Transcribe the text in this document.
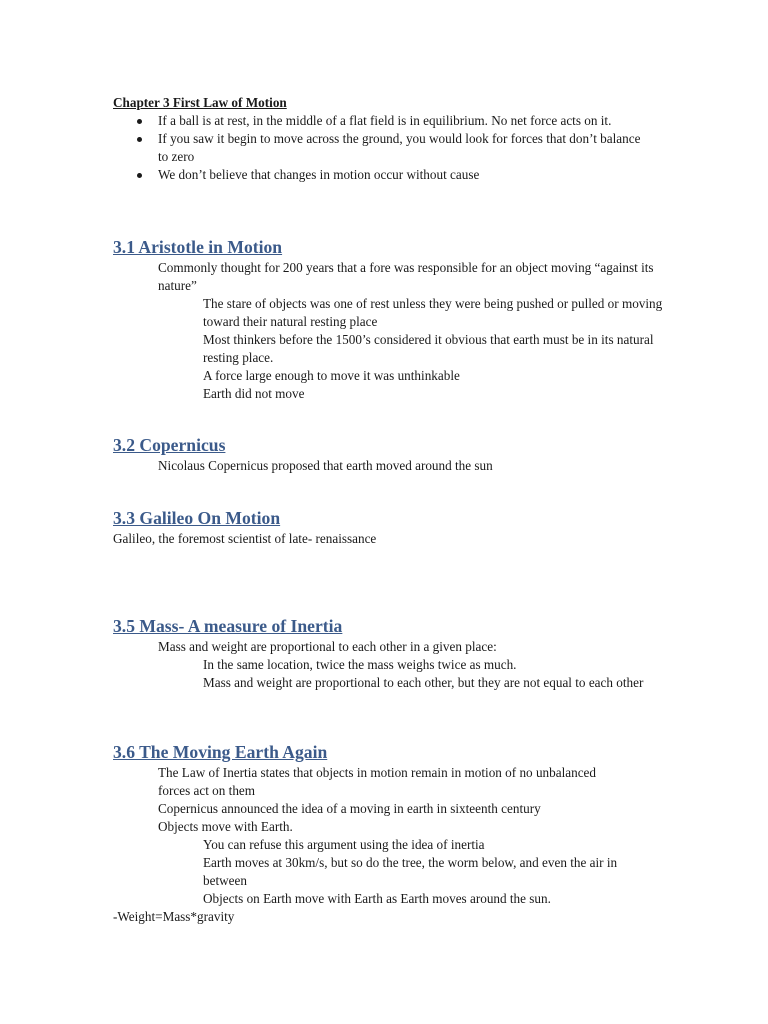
Chapter 3 First Law of Motion
If a ball is at rest, in the middle of a flat field is in equilibrium. No net force acts on it.
If you saw it begin to move across the ground, you would look for forces that don’t balance to zero
We don’t believe that changes in motion occur without cause
3.1 Aristotle in Motion

Commonly thought for 200 years that a fore was responsible for an object moving “against its nature”

The stare of objects was one of rest unless they were being pushed or pulled or moving toward their natural resting place

Most thinkers before the 1500’s considered it obvious that earth must be in its natural resting place.

A force large enough to move it was unthinkable

Earth did not move

3.2 Copernicus

Nicolaus Copernicus proposed that earth moved around the sun

3.3 Galileo On Motion

Galileo, the foremost scientist of late- renaissance

3.5 Mass- A measure of Inertia

Mass and weight are proportional to each other in a given place:

In the same location, twice the mass weighs twice as much.

Mass and weight are proportional to each other, but they are not equal to each other

3.6 The Moving Earth Again

The Law of Inertia states that objects in motion remain in motion of no unbalanced forces act on them

Copernicus announced the idea of a moving in earth in sixteenth century

Objects move with Earth.

You can refuse this argument using the idea of inertia

Earth moves at 30km/s, but so do the tree, the worm below, and even the air in between

Objects on Earth move with Earth as Earth moves around the sun.

-Weight=Mass*gravity
